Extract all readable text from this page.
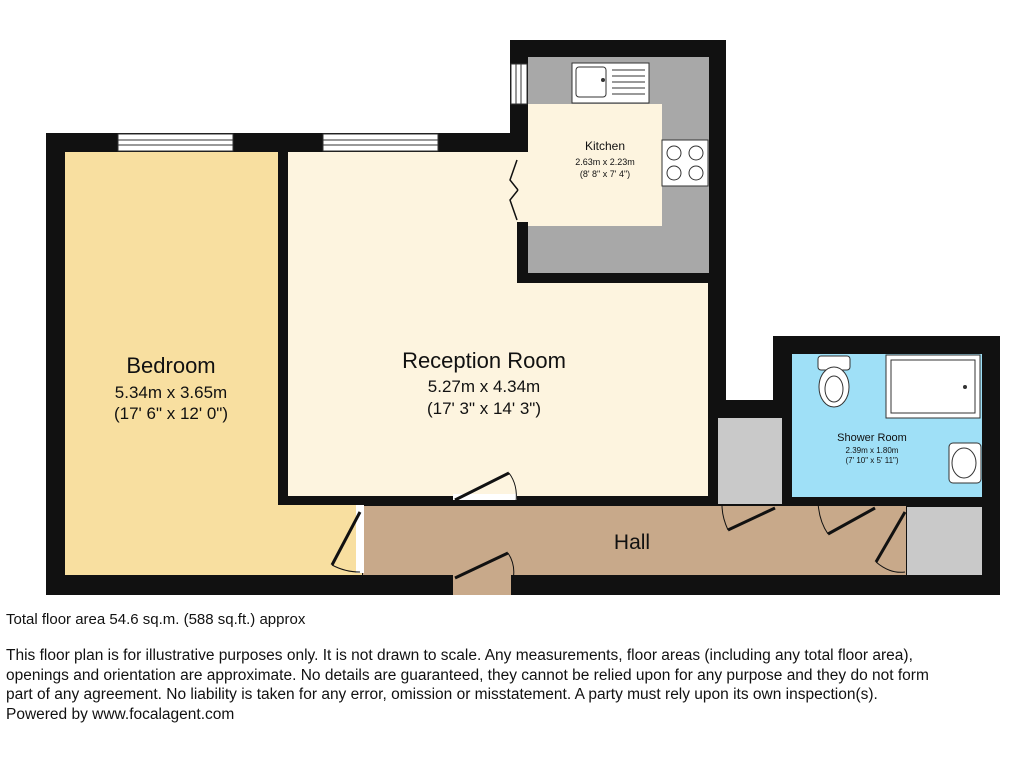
Bedroom
5.34m x 3.65m
(17' 6" x 12' 0")
Reception Room
5.27m x 4.34m
(17' 3" x 14' 3")
Kitchen
2.63m x 2.23m
(8' 8" x 7' 4")
Shower Room
2.39m x 1.80m
(7' 10" x 5' 11")
Hall
Total floor area 54.6 sq.m. (588 sq.ft.) approx
This floor plan is for illustrative purposes only. It is not drawn to scale. Any measurements, floor areas (including any total floor area),
openings and orientation are approximate. No details are guaranteed, they cannot be relied upon for any purpose and they do not form
part of any agreement. No liability is taken for any error, omission or misstatement. A party must rely upon its own inspection(s).
Powered by www.focalagent.com
